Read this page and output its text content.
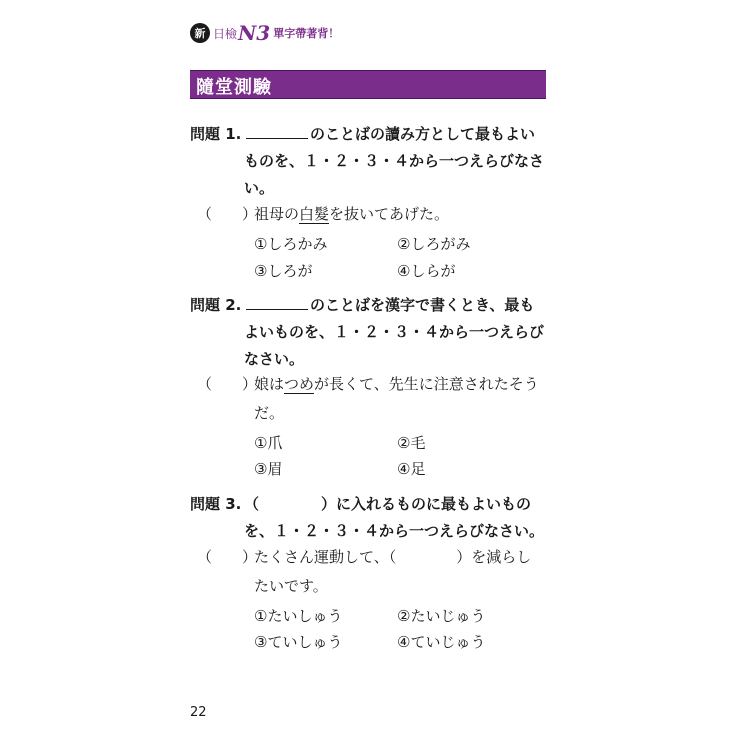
新 日檢 N3 單字帶著背！
隨堂測驗
問題 1.	のことばの讀み方として最もよいものを、１・２・３・４から一つえらびなさい。
（　　）
祖母の白髮を抜いてあげた。
①しろかみ	②しろがみ
③しろが	④しらが
問題 2.	のことばを漢字で書くとき、最もよいものを、１・２・３・４から一つえらびなさい。
（　　）
娘はつめが長くて、先生に注意されたそうだ。
①爪	②毛
③眉	④足
問題 3. （	）に入れるものに最もよいものを、１・２・３・４から一つえらびなさい。
（　　）
たくさん運動して、（	）を減らしたいです。
①たいしゅう	②たいじゅう
③ていしゅう	④ていじゅう
22
